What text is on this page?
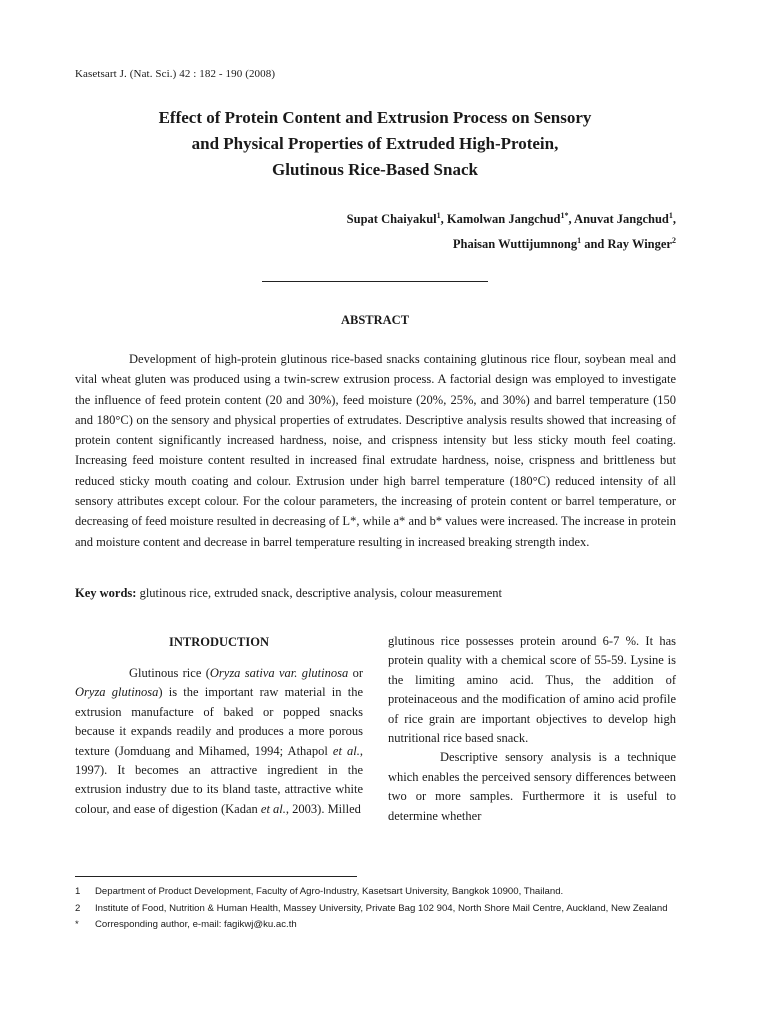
Kasetsart J. (Nat. Sci.) 42 : 182 - 190 (2008)
Effect of Protein Content and Extrusion Process on Sensory
and Physical Properties of Extruded High-Protein,
Glutinous Rice-Based Snack
Supat Chaiyakul$^1$, Kamolwan Jangchud$^{1*}$, Anuvat Jangchud$^1$,
Phaisan Wuttijumnong$^1$ and Ray Winger$^2$
ABSTRACT

Development of high-protein glutinous rice-based snacks containing glutinous rice flour, soybean meal and vital wheat gluten was produced using a twin-screw extrusion process. A factorial design was employed to investigate the influence of feed protein content (20 and 30%), feed moisture (20%, 25%, and 30%) and barrel temperature (150 and 180°C) on the sensory and physical properties of extrudates. Descriptive analysis results showed that increasing of protein content significantly increased hardness, noise, and crispness intensity but less sticky mouth feel coating. Increasing feed moisture content resulted in increased final extrudate hardness, noise, crispness and brittleness but reduced sticky mouth coating and colour. Extrusion under high barrel temperature (180°C) reduced intensity of all sensory attributes except colour. For the colour parameters, the increasing of protein content or barrel temperature, or decreasing of feed moisture resulted in decreasing of L*, while a* and b* values were increased. The increase in protein and moisture content and decrease in barrel temperature resulting in increased breaking strength index.

Key words: glutinous rice, extruded snack, descriptive analysis, colour measurement
INTRODUCTION

Glutinous rice (Oryza sativa var. glutinosa or Oryza glutinosa) is the important raw material in the extrusion manufacture of baked or popped snacks because it expands readily and produces a more porous texture (Jomduang and Mihamed, 1994; Athapol et al., 1997). It becomes an attractive ingredient in the extrusion industry due to its bland taste, attractive white colour, and ease of digestion (Kadan et al., 2003). Milled

glutinous rice possesses protein around 6-7 %. It has protein quality with a chemical score of 55-59. Lysine is the limiting amino acid. Thus, the addition of proteinaceous and the modification of amino acid profile of rice grain are important objectives to develop high nutritional rice based snack.

Descriptive sensory analysis is a technique which enables the perceived sensory differences between two or more samples. Furthermore it is useful to determine whether

1	Department of Product Development, Faculty of Agro-Industry, Kasetsart University, Bangkok 10900, Thailand.
2	Institute of Food, Nutrition & Human Health, Massey University, Private Bag 102 904, North Shore Mail Centre, Auckland, New Zealand
*	Corresponding author, e-mail: fagikwj@ku.ac.th
